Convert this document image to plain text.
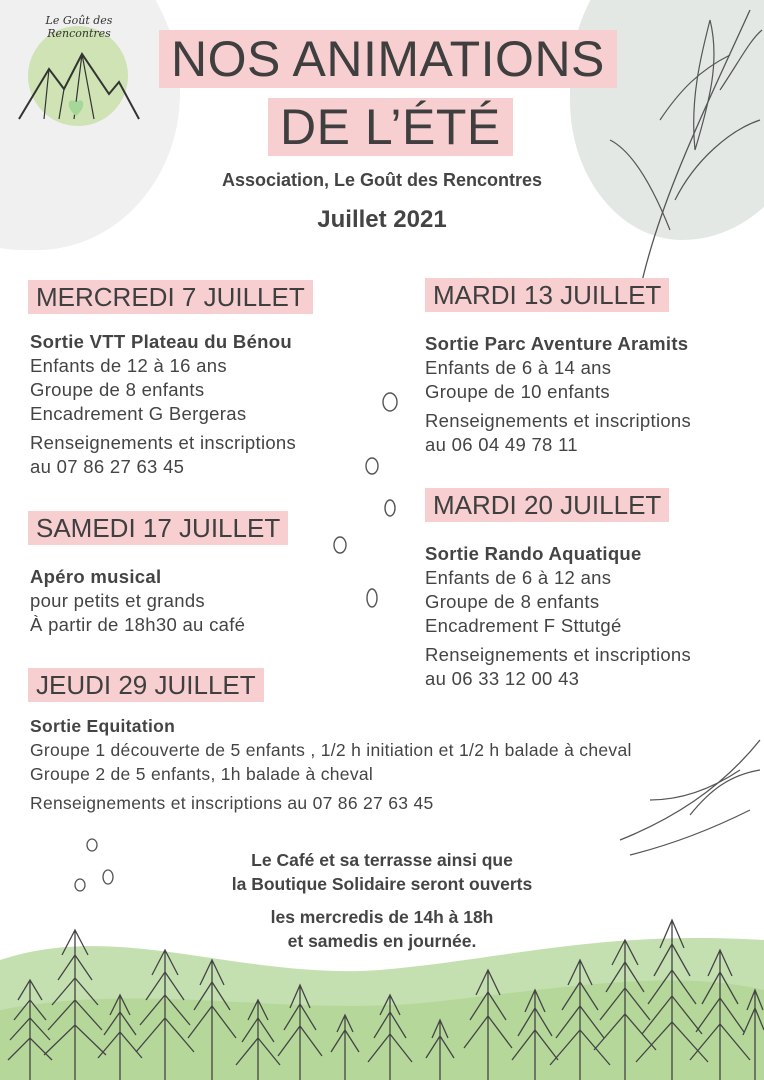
Le Goût des Rencontres	NOS ANIMATIONS
DE L’ÉTÉ
Association, Le Goût des Rencontres
Juillet 2021
MERCREDI 7 JUILLET
Sortie VTT Plateau du Bénou
Enfants de 12 à 16 ans
Groupe de 8 enfants
Encadrement G Bergeras
Renseignements et inscriptions
au 07 86 27 63 45
SAMEDI 17 JUILLET
Apéro musical
pour petits et grands
À partir de 18h30 au café
JEUDI 29 JUILLET
Sortie Equitation
Groupe 1 découverte de 5 enfants , 1/2 h initiation et 1/2 h balade à cheval
Groupe 2 de 5 enfants, 1h balade à cheval
Renseignements et inscriptions au 07 86 27 63 45
MARDI 13 JUILLET
Sortie Parc Aventure Aramits
Enfants de 6 à 14 ans
Groupe de 10 enfants
Renseignements et inscriptions
au 06 04 49 78 11
MARDI 20 JUILLET
Sortie Rando Aquatique
Enfants de 6 à 12 ans
Groupe de 8 enfants
Encadrement F Sttutgé
Renseignements et inscriptions
au 06 33 12 00 43
Le Café et sa terrasse ainsi que
la Boutique Solidaire seront ouverts
les mercredis de 14h à 18h
et samedis en journée.
